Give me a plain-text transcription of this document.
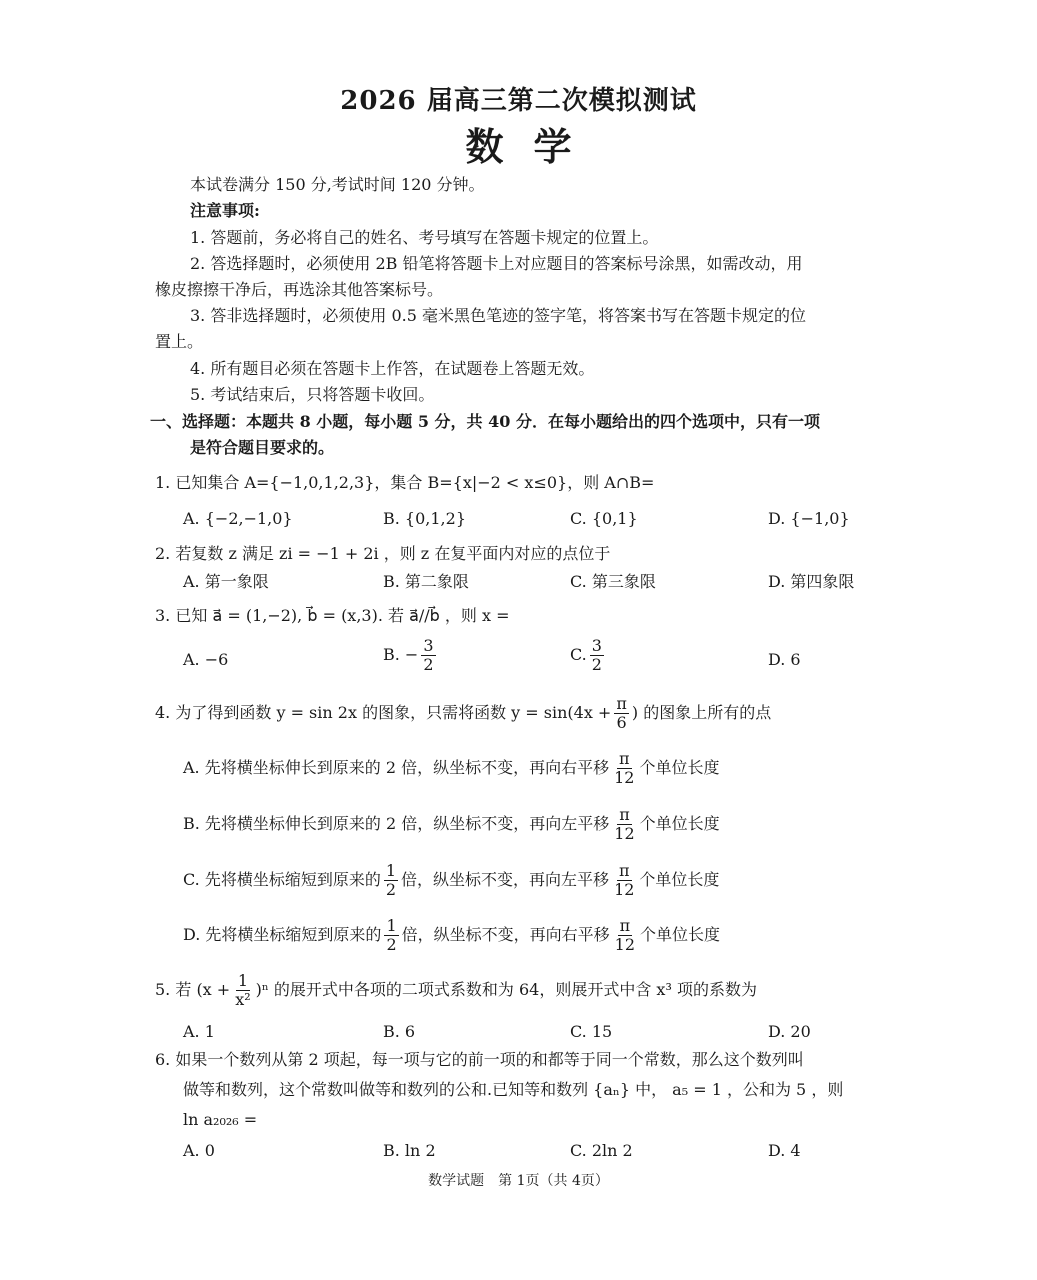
2026 届高三第二次模拟测试
数学
本试卷满分 150 分,考试时间 120 分钟。
注意事项:
1. 答题前，务必将自己的姓名、考号填写在答题卡规定的位置上。
2. 答选择题时，必须使用 2B 铅笔将答题卡上对应题目的答案标号涂黑，如需改动，用
橡皮擦擦干净后，再选涂其他答案标号。
3. 答非选择题时，必须使用 0.5 毫米黑色笔迹的签字笔，将答案书写在答题卡规定的位
置上。
4. 所有题目必须在答题卡上作答，在试题卷上答题无效。
5. 考试结束后，只将答题卡收回。
一、选择题：本题共 8 小题，每小题 5 分，共 40 分．在每小题给出的四个选项中，只有一项
是符合题目要求的。
1. 已知集合 A={−1,0,1,2,3}，集合 B={x|−2 < x≤0}，则 A∩B=
A. {−2,−1,0}	B. {0,1,2}	C. {0,1}	D. {−1,0}
2. 若复数 z 满足 zi = −1 + 2i ，则 z 在复平面内对应的点位于
A. 第一象限	B. 第二象限	C. 第三象限	D. 第四象限
3. 已知 a⃗ = (1,−2), b⃗ = (x,3). 若 a⃗//b⃗ ，则 x =
A. −6	B. − $\frac{3}{2}$	C. $\frac{3}{2}$	D. 6
4. 为了得到函数 y = sin 2x 的图象，只需将函数 $y = \sin(4x + \frac{\pi}{6}$ ) 的图象上所有的点
A. 先将横坐标伸长到原来的 2 倍，纵坐标不变，再向右平移 $\frac{\pi}{12}$ 个单位长度
B. 先将横坐标伸长到原来的 2 倍，纵坐标不变，再向左平移 $\frac{\pi}{12}$ 个单位长度
C. 先将横坐标缩短到原来的 $\frac{1}{2}$ 倍，纵坐标不变，再向左平移 $\frac{\pi}{12}$ 个单位长度
D. 先将横坐标缩短到原来的 $\frac{1}{2}$ 倍，纵坐标不变，再向右平移 $\frac{\pi}{12}$ 个单位长度
5. 若 $(x + \frac{1}{\text{x²}} )^n$ 的展开式中各项的二项式系数和为 64，则展开式中含 x³ 项的系数为
A. 1	B. 6	C. 15	D. 20
6. 如果一个数列从第 2 项起，每一项与它的前一项的和都等于同一个常数，那么这个数列叫
做等和数列，这个常数叫做等和数列的公和.已知等和数列 {aₙ} 中， a₅ = 1 ，公和为 5 ，则
ln a₂₀₂₆ =
A. 0	B. ln 2	C. 2ln 2	D. 4
数学试题　第 1页（共 4页）
